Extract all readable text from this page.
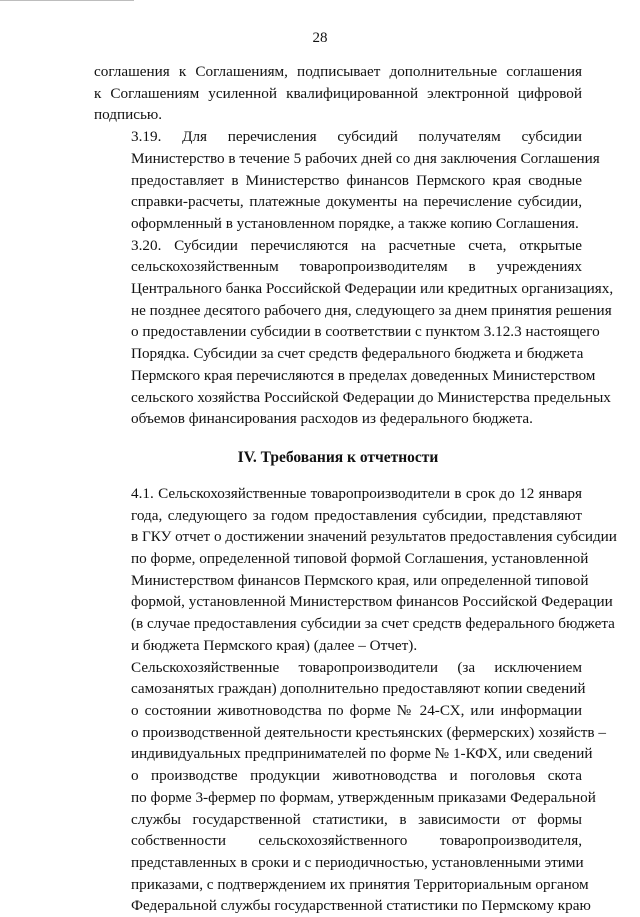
28

соглашения к Соглашениям, подписывает дополнительные соглашения
к Соглашениям усиленной квалифицированной электронной цифровой
подписью.

3.19. Для перечисления субсидий получателям субсидии
Министерство в течение 5 рабочих дней со дня заключения Соглашения
предоставляет в Министерство финансов Пермского края сводные
справки-расчеты, платежные документы на перечисление субсидии,
оформленный в установленном порядке, а также копию Соглашения.

3.20. Субсидии перечисляются на расчетные счета, открытые
сельскохозяйственным товаропроизводителям в учреждениях
Центрального банка Российской Федерации или кредитных организациях,
не позднее десятого рабочего дня, следующего за днем принятия решения
о предоставлении субсидии в соответствии с пунктом 3.12.3 настоящего
Порядка. Субсидии за счет средств федерального бюджета и бюджета
Пермского края перечисляются в пределах доведенных Министерством
сельского хозяйства Российской Федерации до Министерства предельных
объемов финансирования расходов из федерального бюджета.

IV. Требования к отчетности

4.1. Сельскохозяйственные товаропроизводители в срок до 12 января
года, следующего за годом предоставления субсидии, представляют
в ГКУ отчет о достижении значений результатов предоставления субсидии
по форме, определенной типовой формой Соглашения, установленной
Министерством финансов Пермского края, или определенной типовой
формой, установленной Министерством финансов Российской Федерации
(в случае предоставления субсидии за счет средств федерального бюджета
и бюджета Пермского края) (далее – Отчет).

Сельскохозяйственные товаропроизводители (за исключением
самозанятых граждан) дополнительно предоставляют копии сведений
о состоянии животноводства по форме № 24-СХ, или информации
о производственной деятельности крестьянских (фермерских) хозяйств –
индивидуальных предпринимателей по форме № 1-КФХ, или сведений
о производстве продукции животноводства и поголовья скота
по форме 3-фермер по формам, утвержденным приказами Федеральной
службы государственной статистики, в зависимости от формы
собственности сельскохозяйственного товаропроизводителя,
представленных в сроки и с периодичностью, установленными этими
приказами, с подтверждением их принятия Территориальным органом
Федеральной службы государственной статистики по Пермскому краю
